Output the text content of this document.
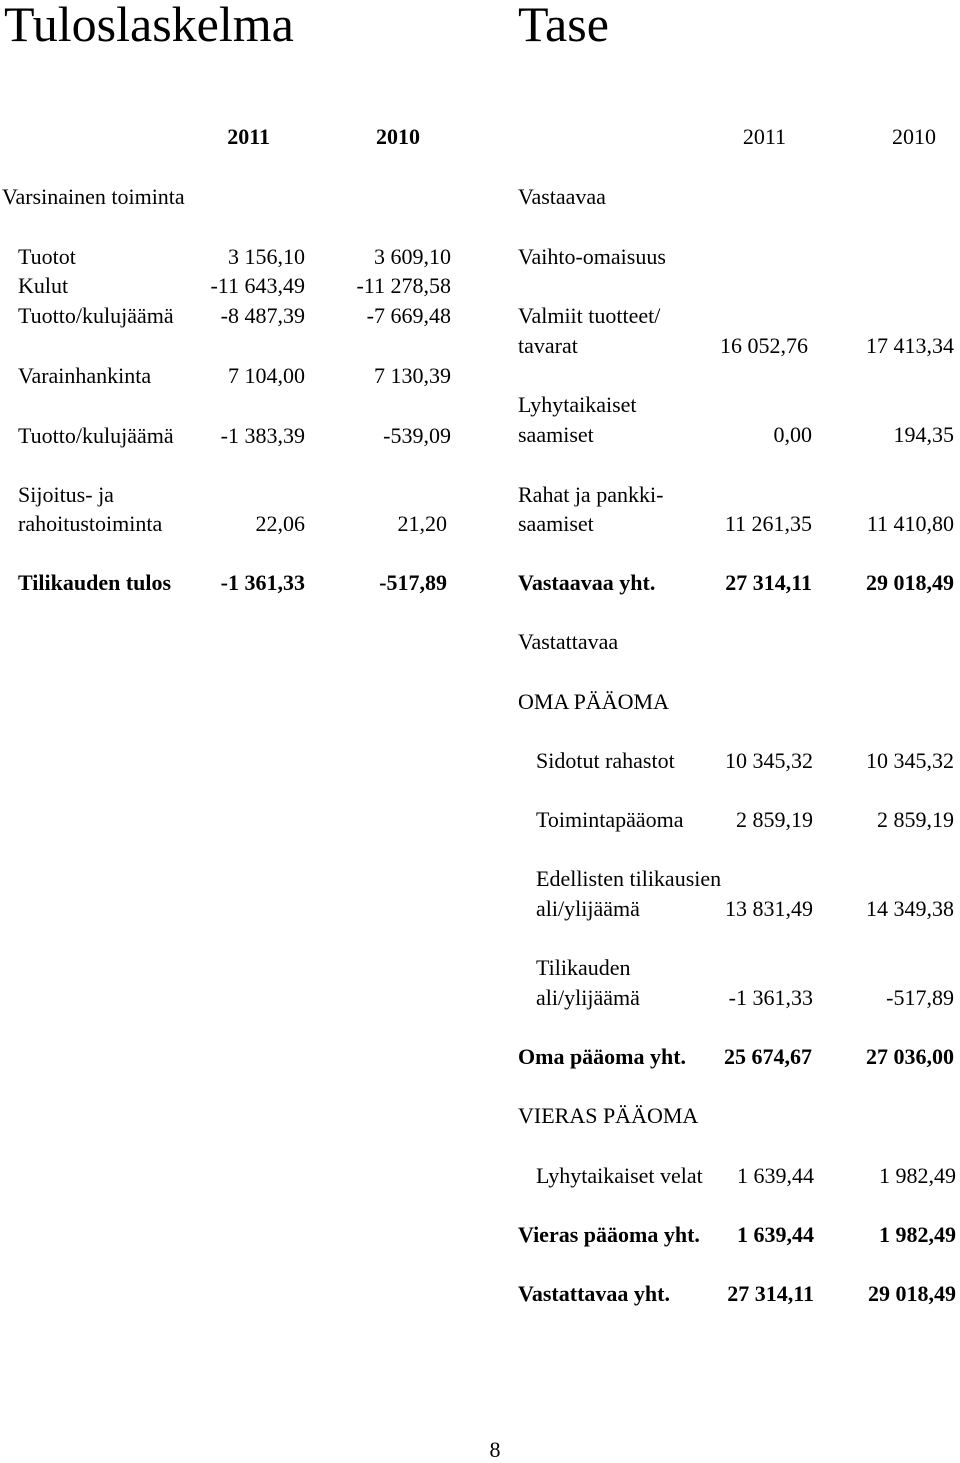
Tuloslaskelma
2011	2010
Varsinainen toiminta
Tuotot	3 156,10	3 609,10
Kulut	-11 643,49	-11 278,58
Tuotto/kulujäämä	-8 487,39	-7 669,48
Varainhankinta	7 104,00	7 130,39
Tuotto/kulujäämä	-1 383,39	-539,09
Sijoitus- ja
rahoitustoiminta	22,06	21,20
Tilikauden tulos	-1 361,33	-517,89
Tase
2011	2010
Vastaavaa
Vaihto-omaisuus
Valmiit tuotteet/
tavarat	16 052,76	17 413,34
Lyhytaikaiset
saamiset	0,00	194,35
Rahat ja pankki-
saamiset	11 261,35	11 410,80
Vastaavaa yht.	27 314,11	29 018,49
Vastattavaa
OMA PÄÄOMA
Sidotut rahastot	10 345,32	10 345,32
Toimintapääoma	2 859,19	2 859,19
Edellisten tilikausien
ali/ylijäämä	13 831,49	14 349,38
Tilikauden
ali/ylijäämä	-1 361,33	-517,89
Oma pääoma yht.	25 674,67	27 036,00
VIERAS PÄÄOMA
Lyhytaikaiset velat	1 639,44	1 982,49
Vieras pääoma yht.	1 639,44	1 982,49
Vastattavaa yht.	27 314,11	29 018,49
8
